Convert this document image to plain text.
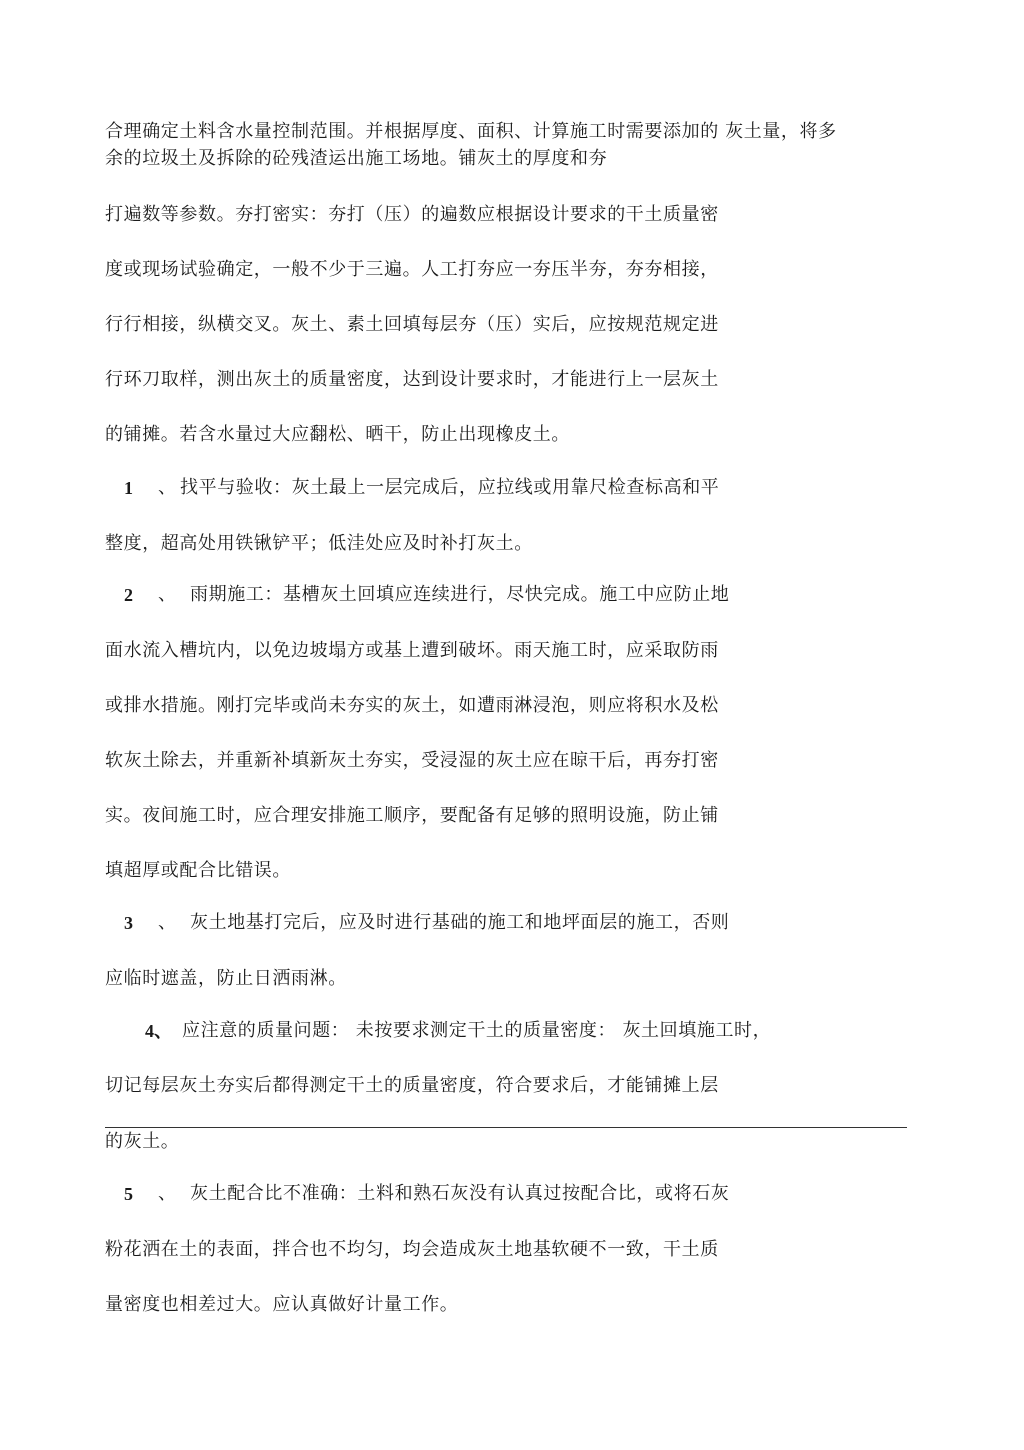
合理确定土料含水量控制范围。并根据厚度、面积、计算施工时需要添加的 灰土量，将多
余的垃圾土及拆除的砼残渣运出施工场地。铺灰土的厚度和夯
打遍数等参数。夯打密实：夯打（压）的遍数应根据设计要求的干土质量密
度或现场试验确定，一般不少于三遍。人工打夯应一夯压半夯，夯夯相接，
行行相接，纵横交叉。灰土、素土回填每层夯（压）实后，应按规范规定进
行环刀取样，测出灰土的质量密度，达到设计要求时，才能进行上一层灰土
的铺摊。若含水量过大应翻松、晒干，防止出现橡皮土。
1 、 找平与验收：灰土最上一层完成后，应拉线或用靠尺检查标高和平
整度，超高处用铁锹铲平；低洼处应及时补打灰土。
2 、 雨期施工：基槽灰土回填应连续进行，尽快完成。施工中应防止地
面水流入槽坑内，以免边坡塌方或基上遭到破坏。雨天施工时，应采取防雨
或排水措施。刚打完毕或尚未夯实的灰土，如遭雨淋浸泡，则应将积水及松
软灰土除去，并重新补填新灰土夯实，受浸湿的灰土应在晾干后，再夯打密
实。夜间施工时，应合理安排施工顺序，要配备有足够的照明设施，防止铺
填超厚或配合比错误。
3 、 灰土地基打完后，应及时进行基础的施工和地坪面层的施工，否则
应临时遮盖，防止日洒雨淋。
4、 应注意的质量问题： 未按要求测定干土的质量密度： 灰土回填施工时，
切记每层灰土夯实后都得测定干土的质量密度，符合要求后，才能铺摊上层
的灰土。
5 、 灰土配合比不准确：土料和熟石灰没有认真过按配合比，或将石灰
粉花洒在土的表面，拌合也不均匀，均会造成灰土地基软硬不一致，干土质
量密度也相差过大。应认真做好计量工作。
